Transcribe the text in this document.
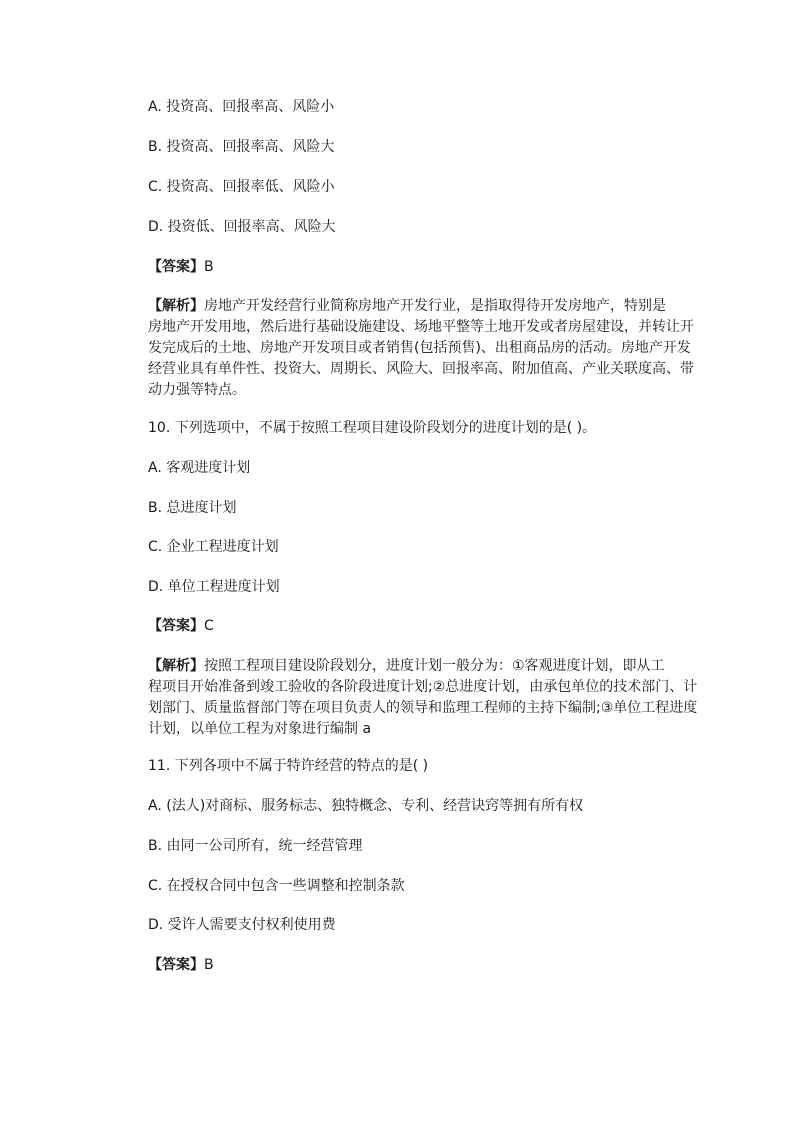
A. 投资高、回报率高、风险小
B. 投资高、回报率高、风险大
C. 投资高、回报率低、风险小
D. 投资低、回报率高、风险大
【答案】B
【解析】房地产开发经营行业简称房地产开发行业，是指取得待开发房地产，特别是
房地产开发用地，然后进行基础设施建设、场地平整等土地开发或者房屋建设，并转让开
发完成后的土地、房地产开发项目或者销售(包括预售)、出租商品房的活动。房地产开发
经营业具有单件性、投资大、周期长、风险大、回报率高、附加值高、产业关联度高、带
动力强等特点。
10. 下列选项中，不属于按照工程项目建设阶段划分的进度计划的是( )。
A. 客观进度计划
B. 总进度计划
C. 企业工程进度计划
D. 单位工程进度计划
【答案】C
【解析】按照工程项目建设阶段划分，进度计划一般分为：①客观进度计划，即从工
程项目开始准备到竣工验收的各阶段进度计划;②总进度计划，由承包单位的技术部门、计
划部门、质量监督部门等在项目负责人的领导和监理工程师的主持下编制;③单位工程进度
计划，以单位工程为对象进行编制 a
11. 下列各项中不属于特许经营的特点的是( )
A. (法人)对商标、服务标志、独特概念、专利、经营诀窍等拥有所有权
B. 由同一公司所有，统一经营管理
C. 在授权合同中包含一些调整和控制条款
D. 受许人需要支付权利使用费
【答案】B
